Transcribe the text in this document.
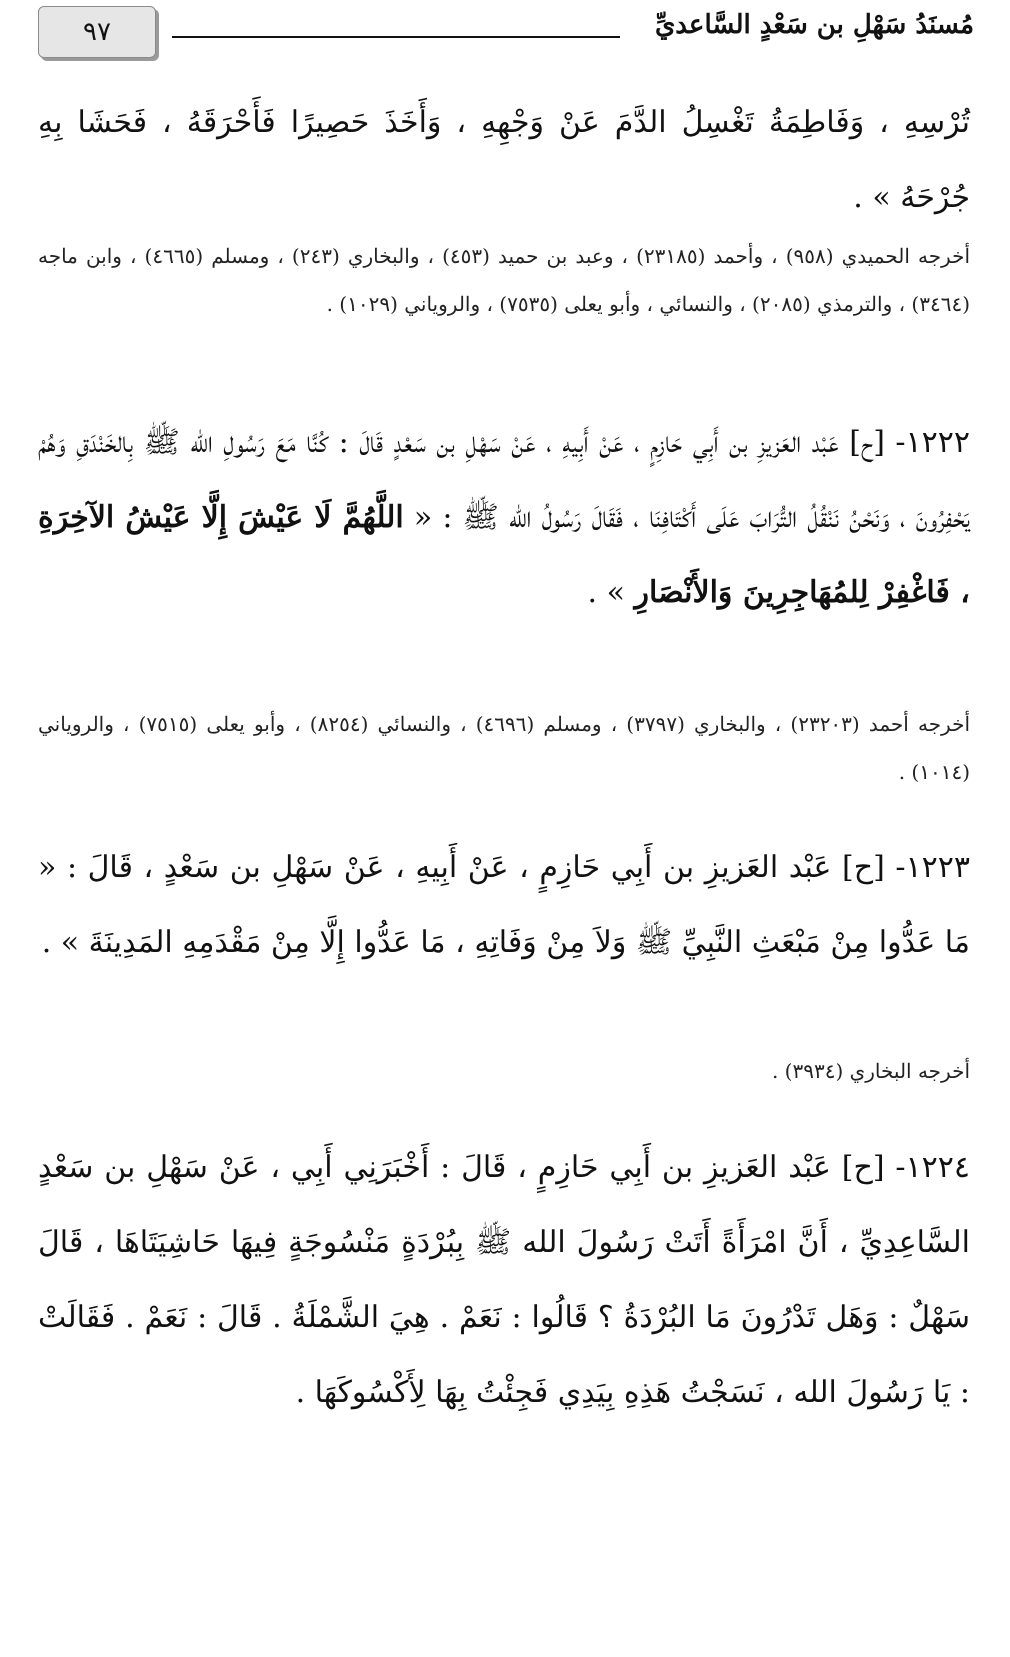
٩٧	مُسنَدُ سَهْلِ بن سَعْدٍ السَّاعديِّ
تُرْسِهِ ، وَفَاطِمَةُ تَغْسِلُ الدَّمَ عَنْ وَجْهِهِ ، وَأَخَذَ حَصِيرًا فَأَحْرَقَهُ ، فَحَشَا بِهِ جُرْحَهُ » .
أخرجه الحميدي (٩٥٨) ، وأحمد (٢٣١٨٥) ، وعبد بن حميد (٤٥٣) ، والبخاري (٢٤٣) ، ومسلم (٤٦٦٥) ، وابن ماجه (٣٤٦٤) ، والترمذي (٢٠٨٥) ، والنسائي ، وأبو يعلى (٧٥٣٥) ، والروياني (١٠٢٩) .
١٢٢٢- [ح] عَبْد العَزيزِ بن أَبِي حَازِمٍ ، عَنْ أَبِيهِ ، عَنْ سَهْلِ بن سَعْدٍ قَالَ : كُنَّا مَعَ رَسُولِ الله ﷺ بِالخَنْدَقِ وَهُمْ يَحْفِرُونَ ، وَنَحْنُ نَنْقُلُ التُّرَابَ عَلَى أَكْتَافِنَا ، فَقَالَ رَسُولُ الله ﷺ : « اللَّهُمَّ لَا عَيْشَ إِلَّا عَيْشُ الآخِرَةِ ، فَاغْفِرْ لِلمُهَاجِرِينَ وَالأَنْصَارِ » .
أخرجه أحمد (٢٣٢٠٣) ، والبخاري (٣٧٩٧) ، ومسلم (٤٦٩٦) ، والنسائي (٨٢٥٤) ، وأبو يعلى (٧٥١٥) ، والروياني (١٠١٤) .
١٢٢٣- [ح] عَبْد العَزيزِ بن أَبِي حَازِمٍ ، عَنْ أَبِيهِ ، عَنْ سَهْلِ بن سَعْدٍ ، قَالَ : « مَا عَدُّوا مِنْ مَبْعَثِ النَّبِيِّ ﷺ وَلاَ مِنْ وَفَاتِهِ ، مَا عَدُّوا إِلَّا مِنْ مَقْدَمِهِ المَدِينَةَ » .
أخرجه البخاري (٣٩٣٤) .
١٢٢٤- [ح] عَبْد العَزيزِ بن أَبِي حَازِمٍ ، قَالَ : أَخْبَرَنِي أَبِي ، عَنْ سَهْلِ بن سَعْدٍ السَّاعِدِيِّ ، أَنَّ امْرَأَةً أَتَتْ رَسُولَ الله ﷺ بِبُرْدَةٍ مَنْسُوجَةٍ فِيهَا حَاشِيَتَاهَا ، قَالَ سَهْلٌ : وَهَل تَدْرُونَ مَا البُرْدَةُ ؟ قَالُوا : نَعَمْ . هِيَ الشَّمْلَةُ . قَالَ : نَعَمْ . فَقَالَتْ : يَا رَسُولَ الله ، نَسَجْتُ هَذِهِ بِيَدِي فَجِئْتُ بِهَا لِأَكْسُوكَهَا .
